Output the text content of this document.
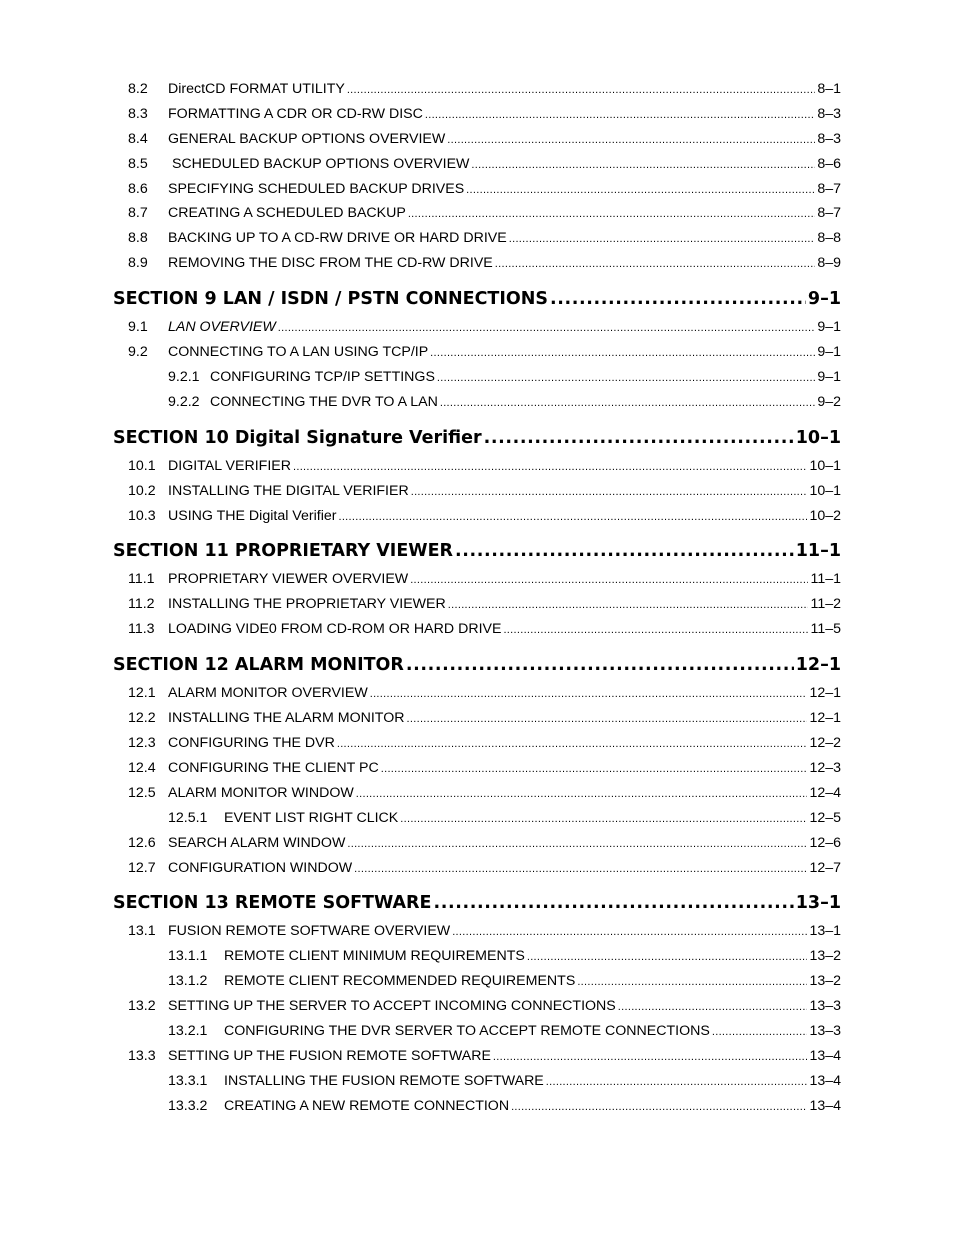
8.2 DirectCD FORMAT UTILITY .....	8–1
8.3 FORMATTING A CDR OR CD-RW DISC .....	8–3
8.4 GENERAL BACKUP OPTIONS OVERVIEW .....	8–3
8.5 SCHEDULED BACKUP OPTIONS OVERVIEW .....	8–6
8.6 SPECIFYING SCHEDULED BACKUP DRIVES .....	8–7
8.7 CREATING A SCHEDULED BACKUP .....	8–7
8.8 BACKING UP TO A CD-RW DRIVE OR HARD DRIVE .....	8–8
8.9 REMOVING THE DISC FROM THE CD-RW DRIVE .....	8–9
SECTION 9 LAN / ISDN / PSTN CONNECTIONS .....	9–1
9.1 LAN OVERVIEW .....	9–1
9.2 CONNECTING TO A LAN USING TCP/IP .....	9–1
9.2.1 CONFIGURING TCP/IP SETTINGS .....	9–1
9.2.2 CONNECTING THE DVR TO A LAN .....	9–2
SECTION 10 Digital Signature Verifier .....	10–1
10.1 DIGITAL VERIFIER .....	10–1
10.2 INSTALLING THE DIGITAL VERIFIER .....	10–1
10.3 USING THE Digital Verifier .....	10–2
SECTION 11 PROPRIETARY VIEWER .....	11–1
11.1 PROPRIETARY VIEWER OVERVIEW .....	11–1
11.2 INSTALLING THE PROPRIETARY VIEWER .....	11–2
11.3 LOADING VIDE0 FROM CD-ROM OR HARD DRIVE .....	11–5
SECTION 12 ALARM MONITOR .....	12–1
12.1 ALARM MONITOR OVERVIEW .....	12–1
12.2 INSTALLING THE ALARM MONITOR .....	12–1
12.3 CONFIGURING THE DVR .....	12–2
12.4 CONFIGURING THE CLIENT PC .....	12–3
12.5 ALARM MONITOR WINDOW .....	12–4
12.5.1 EVENT LIST RIGHT CLICK .....	12–5
12.6 SEARCH ALARM WINDOW .....	12–6
12.7 CONFIGURATION WINDOW .....	12–7
SECTION 13 REMOTE SOFTWARE .....	13–1
13.1 FUSION REMOTE SOFTWARE OVERVIEW .....	13–1
13.1.1 REMOTE CLIENT MINIMUM REQUIREMENTS .....	13–2
13.1.2 REMOTE CLIENT RECOMMENDED REQUIREMENTS .....	13–2
13.2 SETTING UP THE SERVER TO ACCEPT INCOMING CONNECTIONS .....	13–3
13.2.1 CONFIGURING THE DVR SERVER TO ACCEPT REMOTE CONNECTIONS .....	13–3
13.3 SETTING UP THE FUSION REMOTE SOFTWARE .....	13–4
13.3.1 INSTALLING THE FUSION REMOTE SOFTWARE .....	13–4
13.3.2 CREATING A NEW REMOTE CONNECTION .....	13–4
